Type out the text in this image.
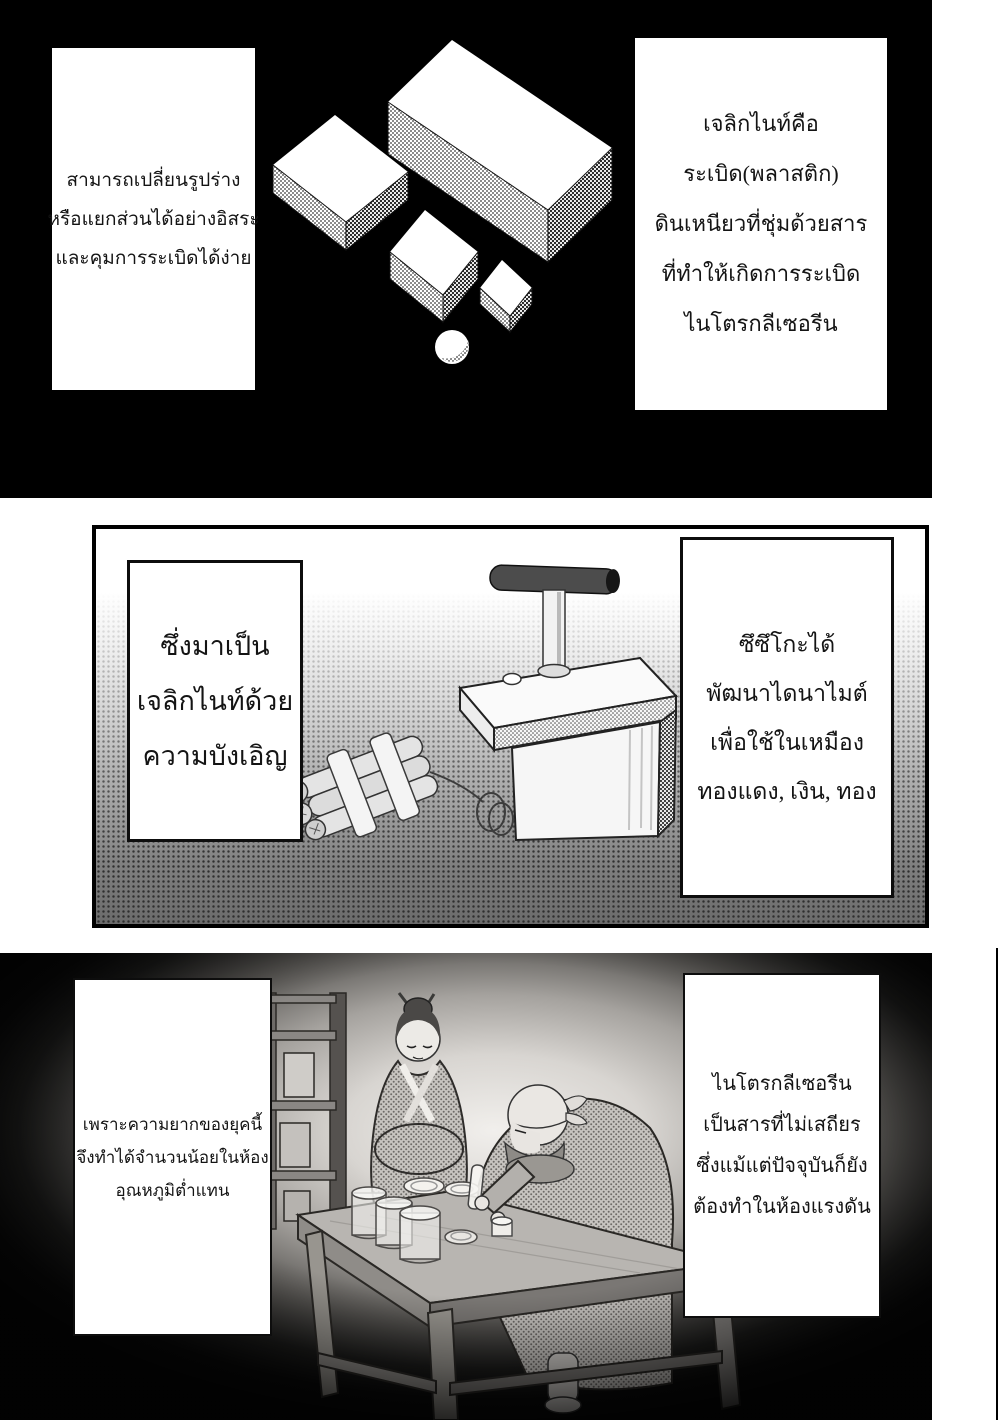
สามารถเปลี่ยนรูปร่าง
หรือแยกส่วนได้อย่างอิสระ
และคุมการระเบิดได้ง่าย
เจลิกไนท์คือ
ระเบิด(พลาสติก)
ดินเหนียวที่ชุ่มด้วยสาร
ที่ทำให้เกิดการระเบิด
ไนโตรกลีเซอรีน
ซึ่งมาเป็น
เจลิกไนท์ด้วย
ความบังเอิญ
ซึซึโกะได้
พัฒนาไดนาไมต์
เพื่อใช้ในเหมือง
ทองแดง, เงิน, ทอง
เพราะความยากของยุคนี้
จึงทำได้จำนวนน้อยในห้อง
อุณหภูมิต่ำแทน
ไนโตรกลีเซอรีน
เป็นสารที่ไม่เสถียร
ซึ่งแม้แต่ปัจจุบันก็ยัง
ต้องทำในห้องแรงดัน
